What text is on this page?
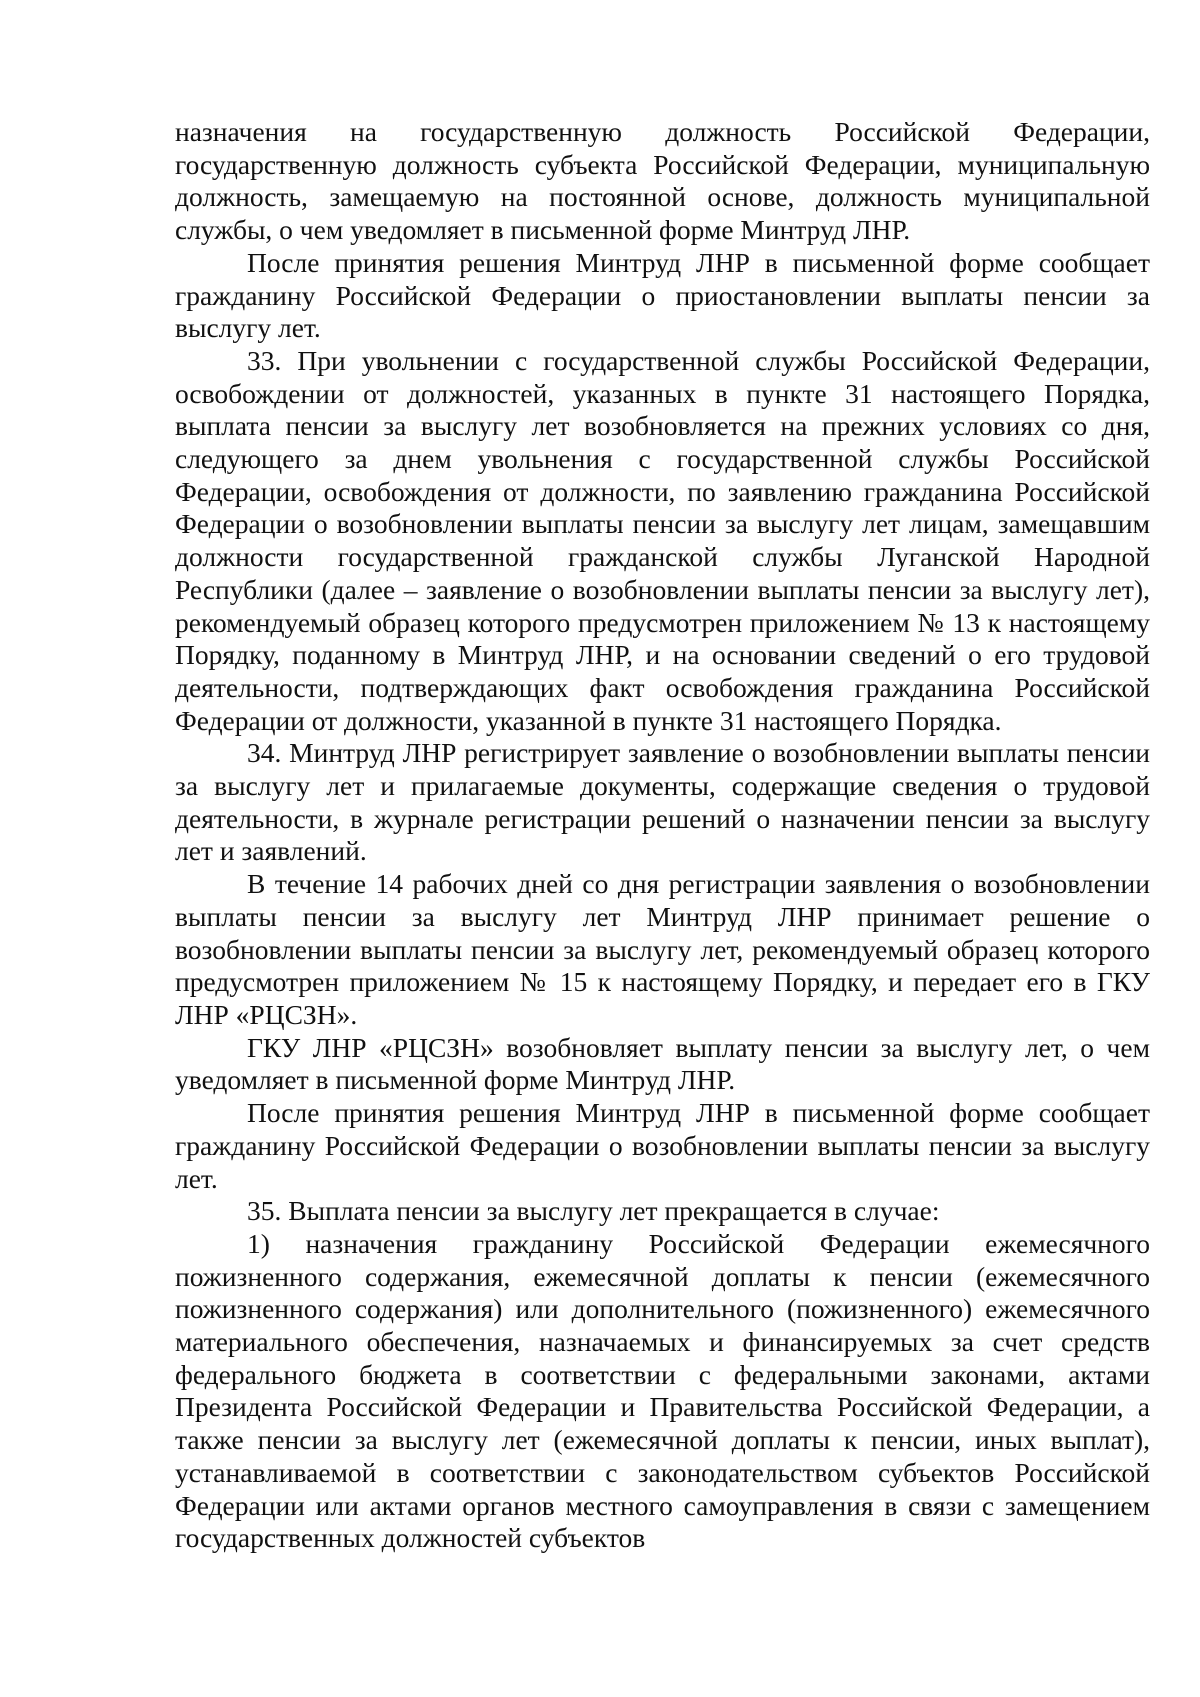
назначения на государственную должность Российской Федерации, государственную должность субъекта Российской Федерации, муниципальную должность, замещаемую на постоянной основе, должность муниципальной службы, о чем уведомляет в письменной форме Минтруд ЛНР.

После принятия решения Минтруд ЛНР в письменной форме сообщает гражданину Российской Федерации о приостановлении выплаты пенсии за выслугу лет.

33. При увольнении с государственной службы Российской Федерации, освобождении от должностей, указанных в пункте 31 настоящего Порядка, выплата пенсии за выслугу лет возобновляется на прежних условиях со дня, следующего за днем увольнения с государственной службы Российской Федерации, освобождения от должности, по заявлению гражданина Российской Федерации о возобновлении выплаты пенсии за выслугу лет лицам, замещавшим должности государственной гражданской службы Луганской Народной Республики (далее – заявление о возобновлении выплаты пенсии за выслугу лет), рекомендуемый образец которого предусмотрен приложением № 13 к настоящему Порядку, поданному в Минтруд ЛНР, и на основании сведений о его трудовой деятельности, подтверждающих факт освобождения гражданина Российской Федерации от должности, указанной в пункте 31 настоящего Порядка.

34. Минтруд ЛНР регистрирует заявление о возобновлении выплаты пенсии за выслугу лет и прилагаемые документы, содержащие сведения о трудовой деятельности, в журнале регистрации решений о назначении пенсии за выслугу лет и заявлений.

В течение 14 рабочих дней со дня регистрации заявления о возобновлении выплаты пенсии за выслугу лет Минтруд ЛНР принимает решение о возобновлении выплаты пенсии за выслугу лет, рекомендуемый образец которого предусмотрен приложением № 15 к настоящему Порядку, и передает его в ГКУ ЛНР «РЦСЗН».

ГКУ ЛНР «РЦСЗН» возобновляет выплату пенсии за выслугу лет, о чем уведомляет в письменной форме Минтруд ЛНР.

После принятия решения Минтруд ЛНР в письменной форме сообщает гражданину Российской Федерации о возобновлении выплаты пенсии за выслугу лет.

35. Выплата пенсии за выслугу лет прекращается в случае:

1) назначения гражданину Российской Федерации ежемесячного пожизненного содержания, ежемесячной доплаты к пенсии (ежемесячного пожизненного содержания) или дополнительного (пожизненного) ежемесячного материального обеспечения, назначаемых и финансируемых за счет средств федерального бюджета в соответствии с федеральными законами, актами Президента Российской Федерации и Правительства Российской Федерации, а также пенсии за выслугу лет (ежемесячной доплаты к пенсии, иных выплат), устанавливаемой в соответствии с законодательством субъектов Российской Федерации или актами органов местного самоуправления в связи с замещением государственных должностей субъектов
